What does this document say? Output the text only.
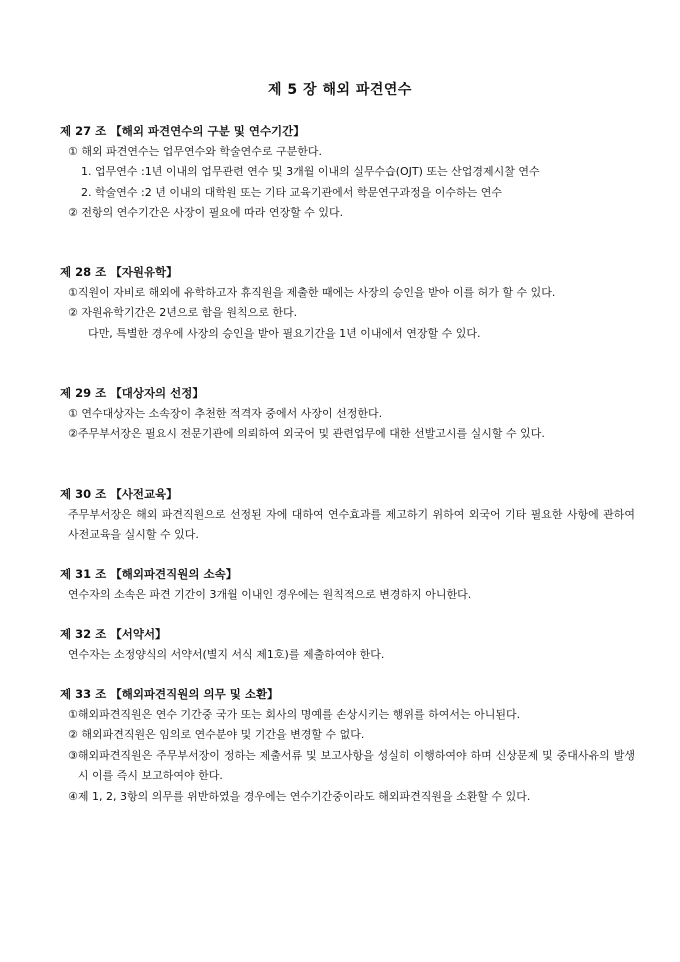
제 5 장 해외 파견연수
제 27 조 【해외 파견연수의 구분 및 연수기간】
① 해외 파견연수는 업무연수와 학술연수로 구분한다.
1. 업무연수 : 1년 이내의 업무관련 연수 및 3개월 이내의 실무수습(OJT) 또는 산업경제시찰 연수
2. 학술연수 :2 년 이내의 대학원 또는 기타 교육기관에서 학문연구과정을 이수하는 연수
② 전항의 연수기간은 사장이 필요에 따라 연장할 수 있다.
제 28 조 【자원유학】
① 직원이 자비로 해외에 유학하고자 휴직원을 제출한 때에는 사장의 승인을 받아 이를 허가 할 수 있다.
② 자원유학기간은 2년으로 함을 원칙으로 한다.
다만, 특별한 경우에 사장의 승인을 받아 필요기간을 1년 이내에서 연장할 수 있다.
제 29 조 【대상자의 선정】
① 연수대상자는 소속장이 추천한 적격자 중에서 사장이 선정한다.
② 주무부서장은 필요시 전문기관에 의뢰하여 외국어 및 관련업무에 대한 선발고시를 실시할 수 있다.
제 30 조 【사전교육】
주무부서장은 해외 파견직원으로 선정된 자에 대하여 연수효과를 제고하기 위하여 외국어 기타 필요한 사항에 관하여 사전교육을 실시할 수 있다.
제 31 조 【해외파견직원의 소속】
연수자의 소속은 파견 기간이 3개월 이내인 경우에는 원칙적으로 변경하지 아니한다.
제 32 조 【서약서】
연수자는 소정양식의 서약서(별지 서식 제1호)를 제출하여야 한다.
제 33 조 【해외파견직원의 의무 및 소환】
① 해외파견직원은 연수 기간중 국가 또는 회사의 명예를 손상시키는 행위를 하여서는 아니된다.
② 해외파견직원은 임의로 연수분야 및 기간을 변경할 수 없다.
③ 해외파견직원은 주무부서장이 정하는 제출서류 및 보고사항을 성실히 이행하여야 하며 신상문제 및 중대사유의 발생 시 이를 즉시 보고하여야 한다.
④ 제 1, 2, 3항의 의무를 위반하였을 경우에는 연수기간중이라도 해외파견직원을 소환할 수 있다.
